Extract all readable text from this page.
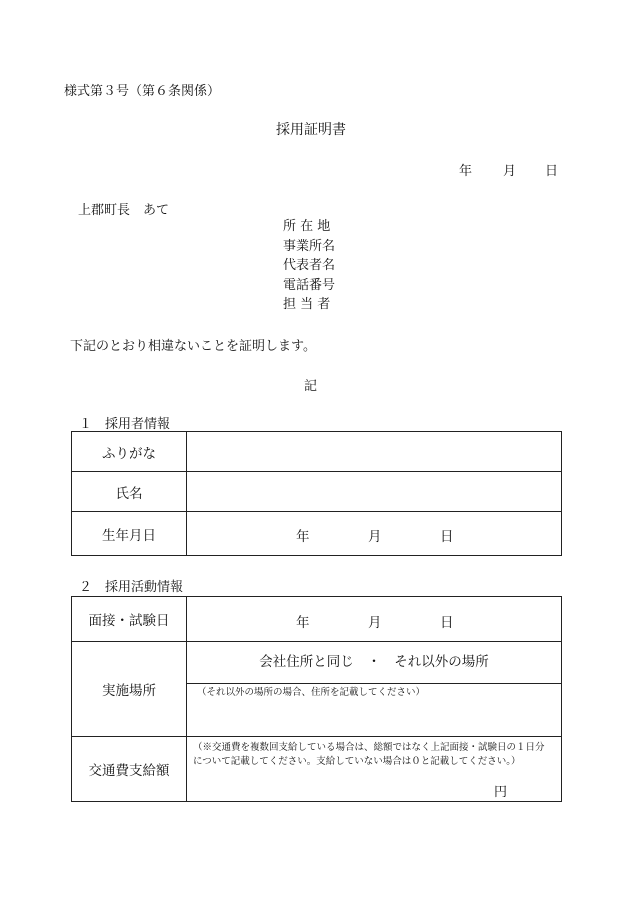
様式第３号（第６条関係）
採用証明書
年 月 日
上郡町長　あて
所 在 地
事業所名
代表者名
電話番号
担 当 者
下記のとおり相違ないことを証明します。
記
１　採用者情報
ふりがな	
氏名	
生年月日	年 月 日
２　採用活動情報
面接・試験日	年 月 日

実施場所	会社住所と同じ　・　それ以外の場所
（それ以外の場所の場合、住所を記載してください）

交通費支給額	（※交通費を複数回支給している場合は、総額ではなく上記面接・試験日の１日分
について記載してください。支給していない場合は０と記載してください。）
円
